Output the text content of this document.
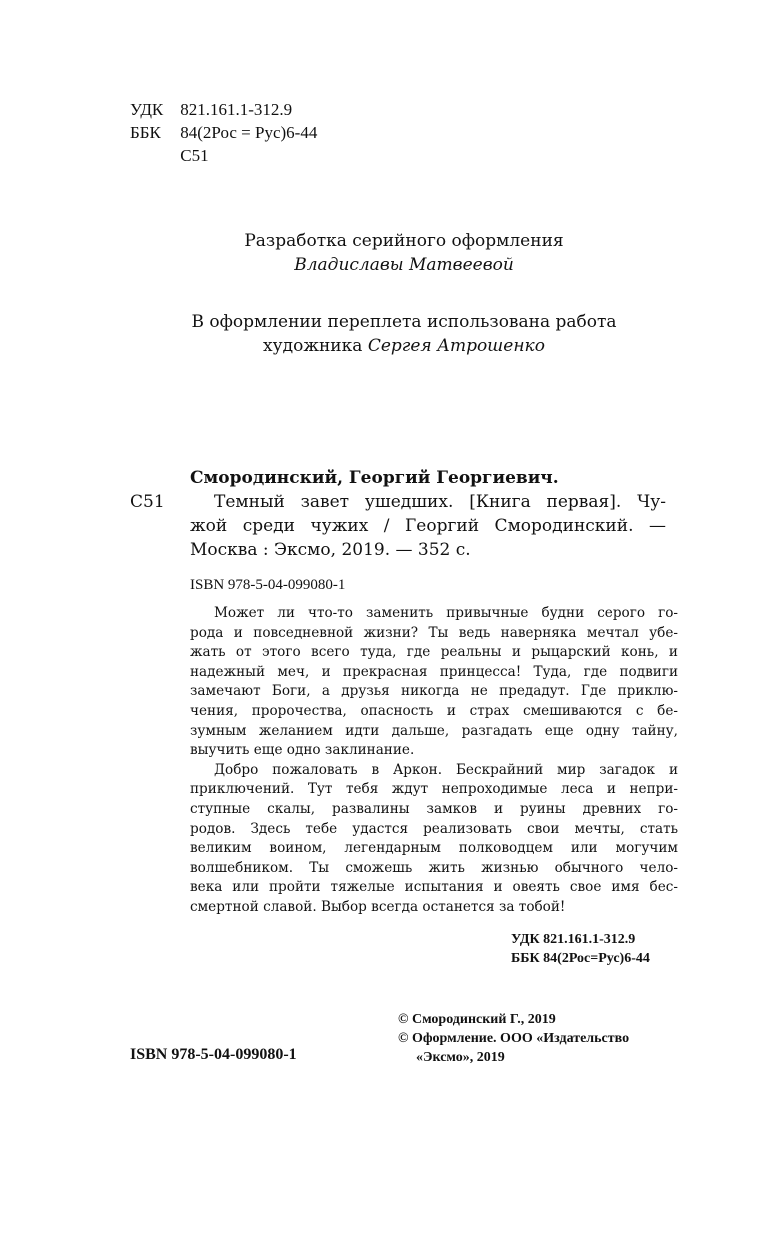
УДК 821.161.1-312.9
ББК 84(2Рос = Рус)6-44
С51
Разработка серийного оформления
Владиславы Матвеевой
В оформлении переплета использована работа
художника Сергея Атрошенко
Смородинский, Георгий Георгиевич.
С51	Темный завет ушедших. [Книга первая]. Чу-
жой среди чужих / Георгий Смородинский. —
Москва : Эксмо, 2019. — 352 с.
ISBN 978-5-04-099080-1
Может ли что-то заменить привычные будни серого го-
рода и повседневной жизни? Ты ведь наверняка мечтал убе-
жать от этого всего туда, где реальны и рыцарский конь, и
надежный меч, и прекрасная принцесса! Туда, где подвиги
замечают Боги, а друзья никогда не предадут. Где приклю-
чения, пророчества, опасность и страх смешиваются с бе-
зумным желанием идти дальше, разгадать еще одну тайну,
выучить еще одно заклинание.
Добро пожаловать в Аркон. Бескрайний мир загадок и
приключений. Тут тебя ждут непроходимые леса и непри-
ступные скалы, развалины замков и руины древних го-
родов. Здесь тебе удастся реализовать свои мечты, стать
великим воином, легендарным полководцем или могучим
волшебником. Ты сможешь жить жизнью обычного чело-
века или пройти тяжелые испытания и овеять свое имя бес-
смертной славой. Выбор всегда останется за тобой!
УДК 821.161.1-312.9
ББК 84(2Рос=Рус)6-44
© Смородинский Г., 2019
© Оформление. ООО «Издательство
«Эксмо», 2019
ISBN 978-5-04-099080-1
